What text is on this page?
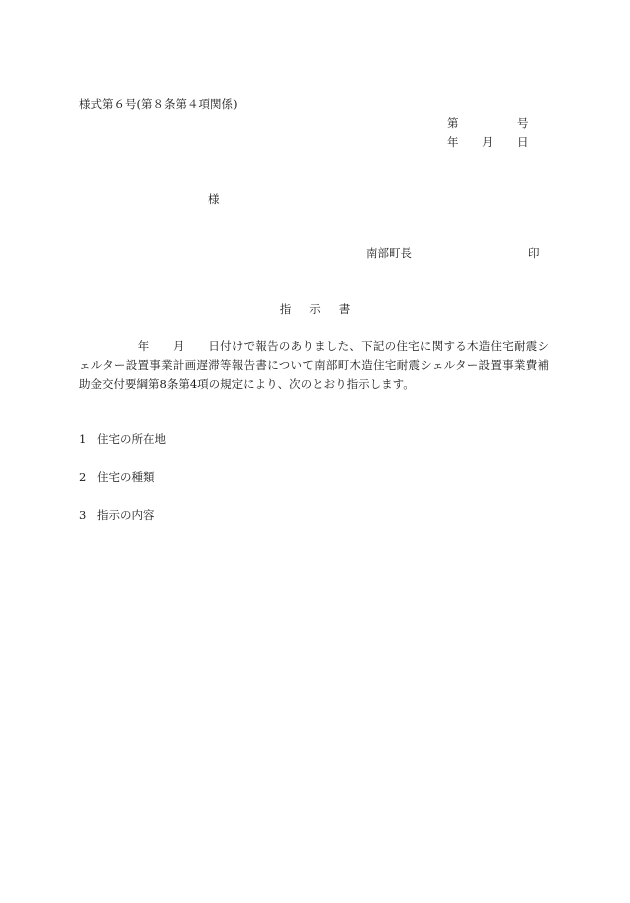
様式第６号(第８条第４項関係)
第	号
年 月 日
様
南部町長	印
指 示 書
　　　　　年　　月　　日付けで報告のありました、下記の住宅に関する木造住宅耐震シェルター設置事業計画遅滞等報告書について南部町木造住宅耐震シェルター設置事業費補助金交付要綱第8条第4項の規定により、次のとおり指示します。
1 住宅の所在地
2 住宅の種類
3 指示の内容
